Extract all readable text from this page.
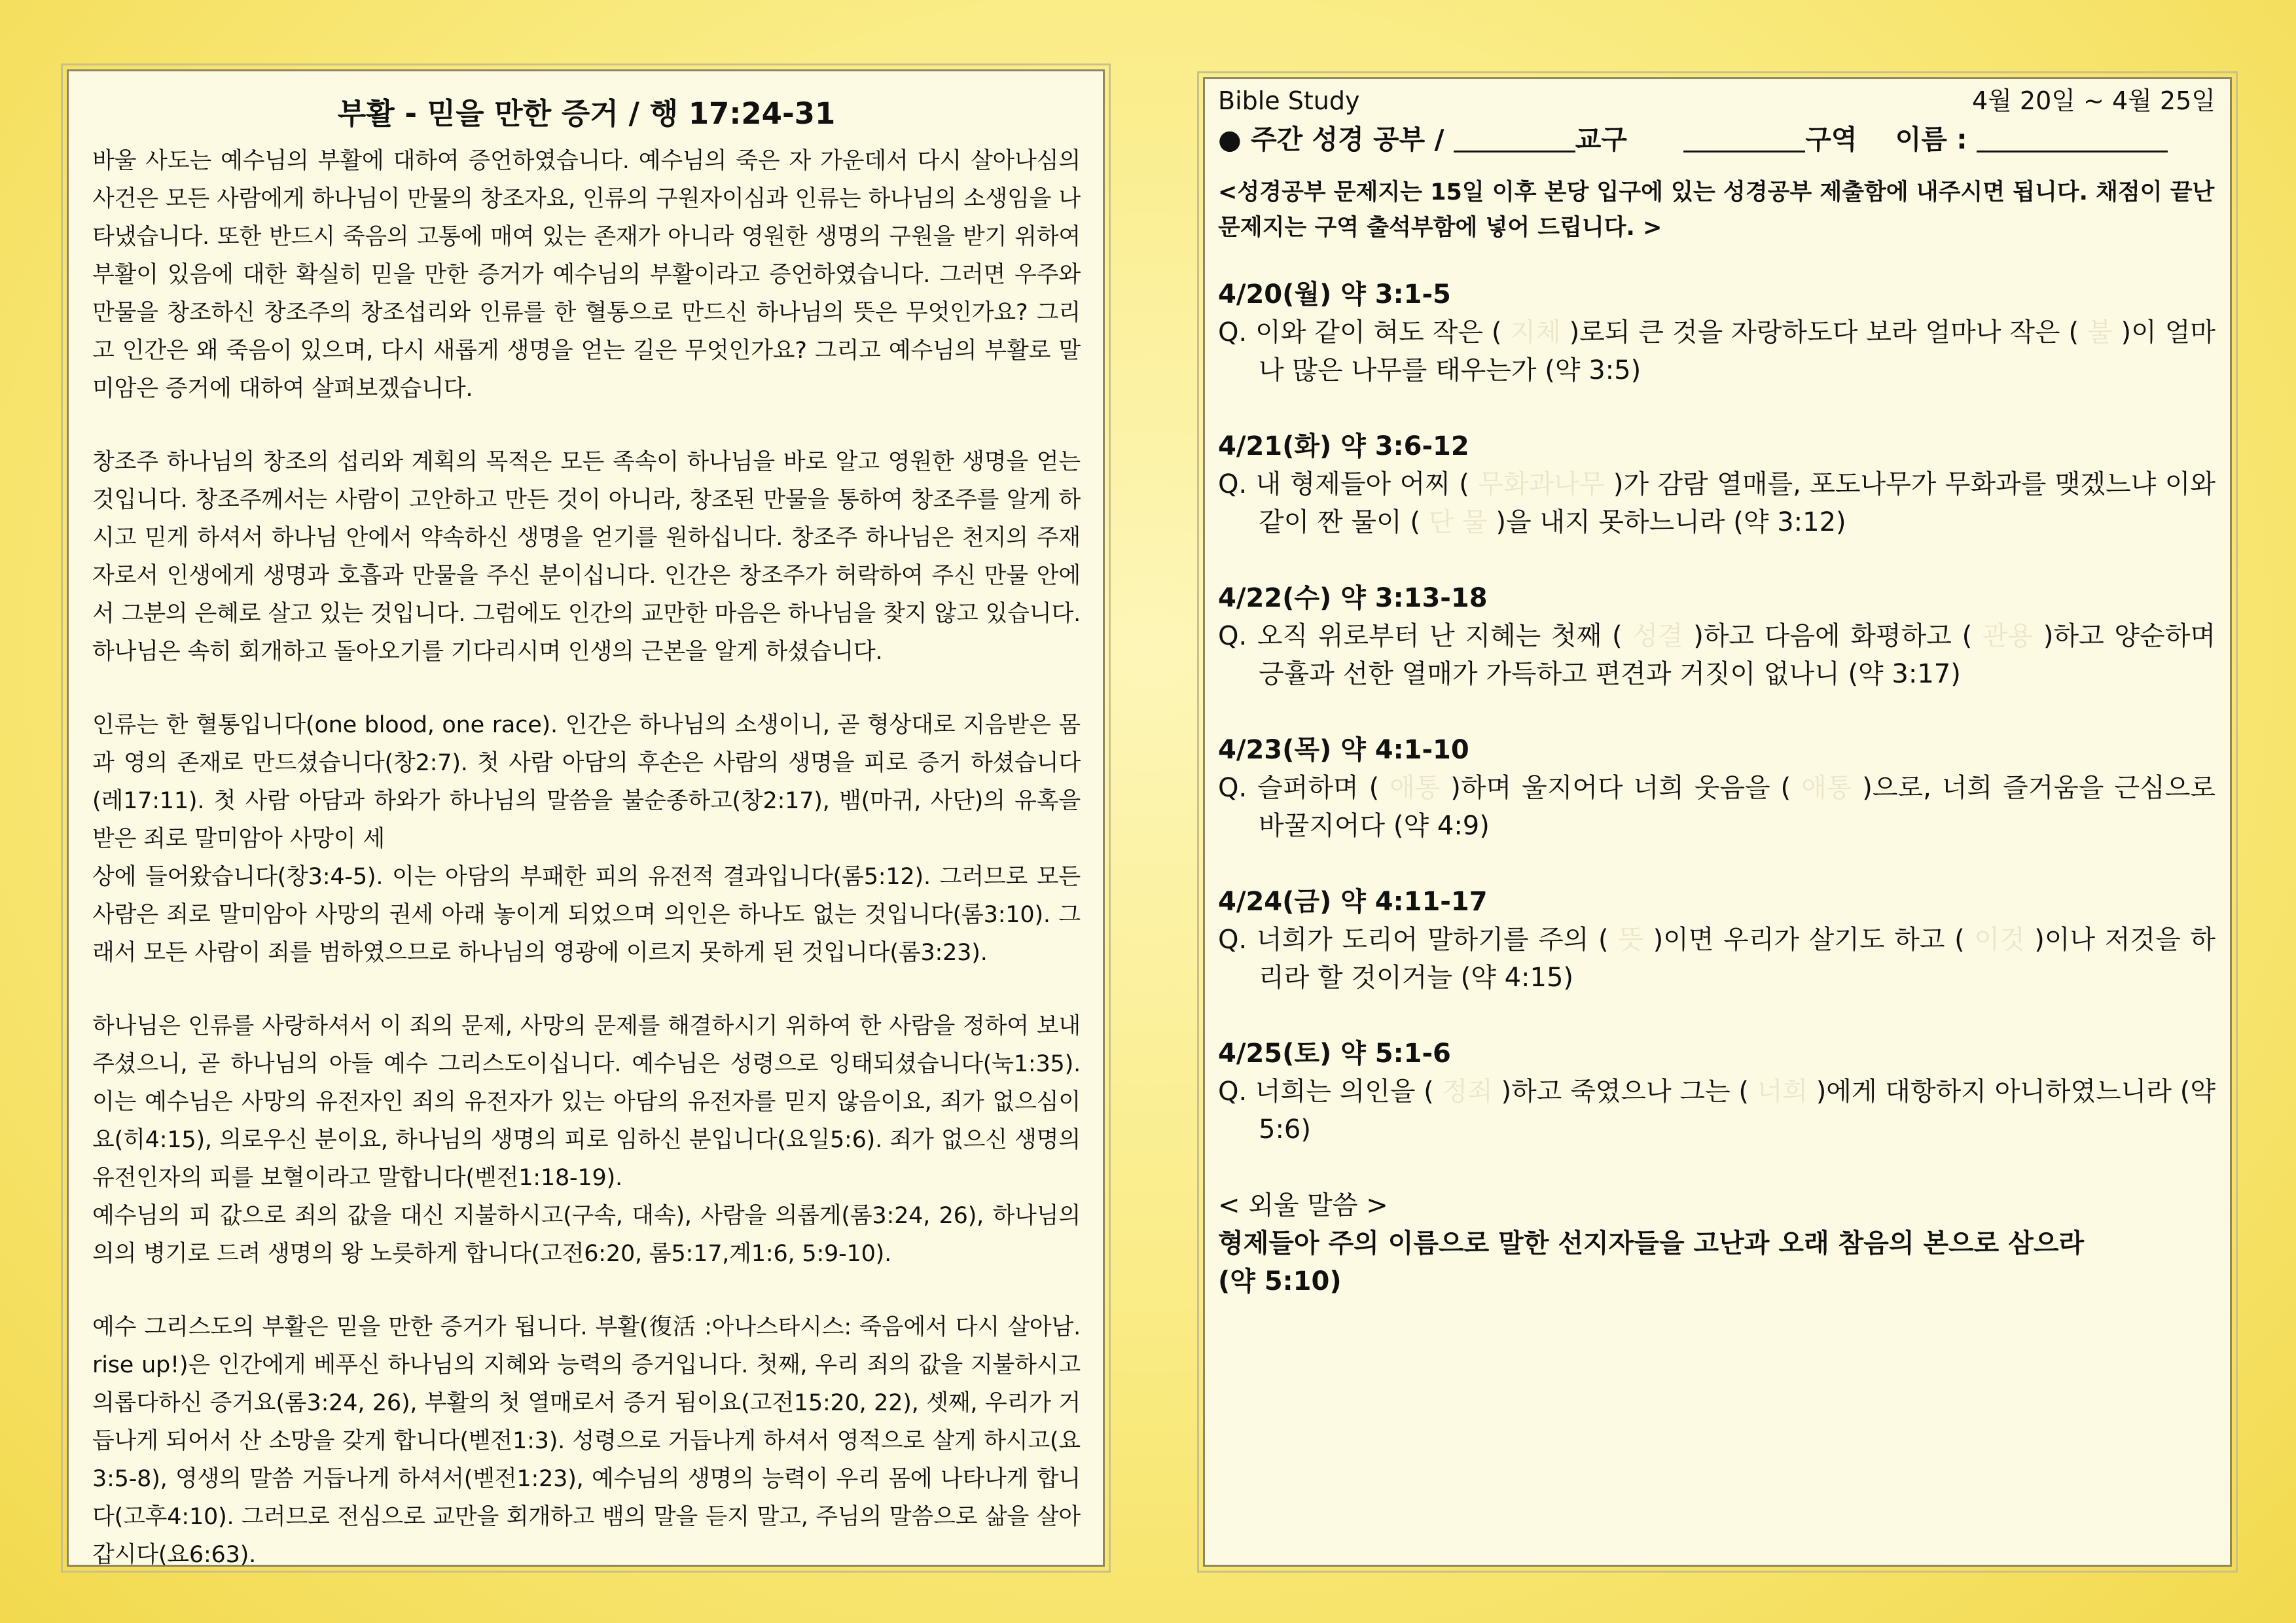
부활 - 믿을 만한 증거 / 행 17:24-31

바울 사도는 예수님의 부활에 대하여 증언하였습니다. 예수님의 죽은 자 가운데서 다시 살아나심의 사건은 모든 사람에게 하나님이 만물의 창조자요, 인류의 구원자이심과 인류는 하나님의 소생임을 나타냈습니다. 또한 반드시 죽음의 고통에 매여 있는 존재가 아니라 영원한 생명의 구원을 받기 위하여 부활이 있음에 대한 확실히 믿을 만한 증거가 예수님의 부활이라고 증언하였습니다. 그러면 우주와 만물을 창조하신 창조주의 창조섭리와 인류를 한 혈통으로 만드신 하나님의 뜻은 무엇인가요? 그리고 인간은 왜 죽음이 있으며, 다시 새롭게 생명을 얻는 길은 무엇인가요? 그리고 예수님의 부활로 말미암은 증거에 대하여 살펴보겠습니다.

창조주 하나님의 창조의 섭리와 계획의 목적은 모든 족속이 하나님을 바로 알고 영원한 생명을 얻는 것입니다. 창조주께서는 사람이 고안하고 만든 것이 아니라, 창조된 만물을 통하여 창조주를 알게 하시고 믿게 하셔서 하나님 안에서 약속하신 생명을 얻기를 원하십니다. 창조주 하나님은 천지의 주재자로서 인생에게 생명과 호흡과 만물을 주신 분이십니다. 인간은 창조주가 허락하여 주신 만물 안에서 그분의 은혜로 살고 있는 것입니다. 그럼에도 인간의 교만한 마음은 하나님을 찾지 않고 있습니다. 하나님은 속히 회개하고 돌아오기를 기다리시며 인생의 근본을 알게 하셨습니다.

인류는 한 혈통입니다(one blood, one race). 인간은 하나님의 소생이니, 곧 형상대로 지음받은 몸과 영의 존재로 만드셨습니다(창2:7). 첫 사람 아담의 후손은 사람의 생명을 피로 증거 하셨습니다(레17:11). 첫 사람 아담과 하와가 하나님의 말씀을 불순종하고(창2:17), 뱀(마귀, 사단)의 유혹을 받은 죄로 말미암아 사망이 세

상에 들어왔습니다(창3:4-5). 이는 아담의 부패한 피의 유전적 결과입니다(롬5:12). 그러므로 모든 사람은 죄로 말미암아 사망의 권세 아래 놓이게 되었으며 의인은 하나도 없는 것입니다(롬3:10). 그래서 모든 사람이 죄를 범하였으므로 하나님의 영광에 이르지 못하게 된 것입니다(롬3:23).

하나님은 인류를 사랑하셔서 이 죄의 문제, 사망의 문제를 해결하시기 위하여 한 사람을 정하여 보내주셨으니, 곧 하나님의 아들 예수 그리스도이십니다. 예수님은 성령으로 잉태되셨습니다(눅1:35). 이는 예수님은 사망의 유전자인 죄의 유전자가 있는 아담의 유전자를 믿지 않음이요, 죄가 없으심이요(히4:15), 의로우신 분이요, 하나님의 생명의 피로 임하신 분입니다(요일5:6). 죄가 없으신 생명의 유전인자의 피를 보혈이라고 말합니다(벧전1:18-19).

예수님의 피 값으로 죄의 값을 대신 지불하시고(구속, 대속), 사람을 의롭게(롬3:24, 26), 하나님의 의의 병기로 드려 생명의 왕 노릇하게 합니다(고전6:20, 롬5:17,계1:6, 5:9-10).

예수 그리스도의 부활은 믿을 만한 증거가 됩니다. 부활(復活 :아나스타시스: 죽음에서 다시 살아남. rise up!)은 인간에게 베푸신 하나님의 지혜와 능력의 증거입니다. 첫째, 우리 죄의 값을 지불하시고 의롭다하신 증거요(롬3:24, 26), 부활의 첫 열매로서 증거 됨이요(고전15:20, 22), 셋째, 우리가 거듭나게 되어서 산 소망을 갖게 합니다(벧전1:3). 성령으로 거듭나게 하셔서 영적으로 살게 하시고(요3:5-8), 영생의 말씀 거듭나게 하셔서(벧전1:23), 예수님의 생명의 능력이 우리 몸에 나타나게 합니다(고후4:10). 그러므로 전심으로 교만을 회개하고 뱀의 말을 듣지 말고, 주님의 말씀으로 삶을 살아갑시다(요6:63).

Bible Study	4월 20일 ~ 4월 25일
● 주간 성경 공부 /	교구	구역 이름 :
<성경공부 문제지는 15일 이후 본당 입구에 있는 성경공부 제출함에 내주시면 됩니다. 채점이 끝난 문제지는 구역 출석부함에 넣어 드립니다. >
4/20(월) 약 3:1-5
Q. 이와 같이 혀도 작은 ( 지체 )로되 큰 것을 자랑하도다 보라 얼마나 작은 ( 불 )이 얼마나 많은 나무를 태우는가 (약 3:5)
4/21(화) 약 3:6-12
Q. 내 형제들아 어찌 ( 무화과나무 )가 감람 열매를, 포도나무가 무화과를 맺겠느냐 이와 같이 짠 물이 ( 단 물 )을 내지 못하느니라 (약 3:12)
4/22(수) 약 3:13-18
Q. 오직 위로부터 난 지혜는 첫째 ( 성결 )하고 다음에 화평하고 ( 관용 )하고 양순하며 긍휼과 선한 열매가 가득하고 편견과 거짓이 없나니 (약 3:17)
4/23(목) 약 4:1-10
Q. 슬퍼하며 ( 애통 )하며 울지어다 너희 웃음을 ( 애통 )으로, 너희 즐거움을 근심으로 바꿀지어다 (약 4:9)
4/24(금) 약 4:11-17
Q. 너희가 도리어 말하기를 주의 ( 뜻 )이면 우리가 살기도 하고 ( 이것 )이나 저것을 하리라 할 것이거늘 (약 4:15)
4/25(토) 약 5:1-6
Q. 너희는 의인을 ( 정죄 )하고 죽였으나 그는 ( 너희 )에게 대항하지 아니하였느니라 (약 5:6)
< 외울 말씀 >
형제들아 주의 이름으로 말한 선지자들을 고난과 오래 참음의 본으로 삼으라
(약 5:10)
